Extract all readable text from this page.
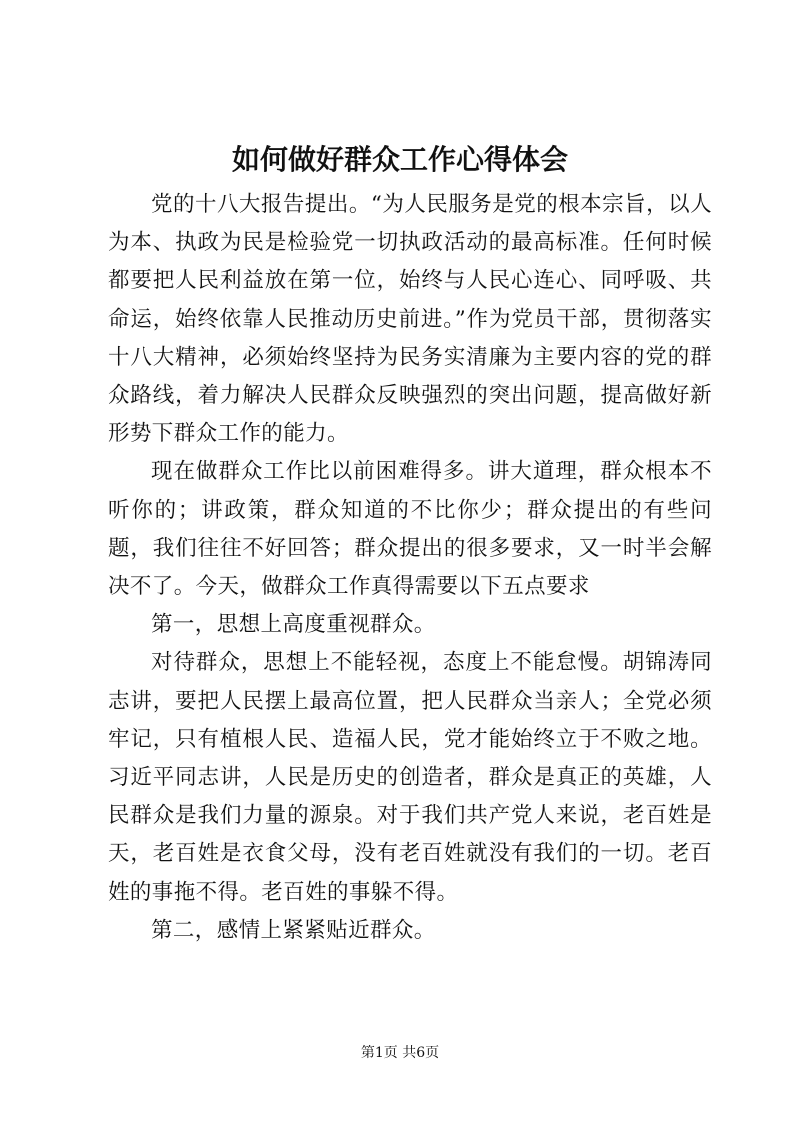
如何做好群众工作心得体会

党的十八大报告提出。“为人民服务是党的根本宗旨，以人为本、执政为民是检验党一切执政活动的最高标准。任何时候都要把人民利益放在第一位，始终与人民心连心、同呼吸、共命运，始终依靠人民推动历史前进。”作为党员干部，贯彻落实十八大精神，必须始终坚持为民务实清廉为主要内容的党的群众路线，着力解决人民群众反映强烈的突出问题，提高做好新形势下群众工作的能力。

现在做群众工作比以前困难得多。讲大道理，群众根本不听你的；讲政策，群众知道的不比你少；群众提出的有些问题，我们往往不好回答；群众提出的很多要求，又一时半会解决不了。今天，做群众工作真得需要以下五点要求

第一，思想上高度重视群众。

对待群众，思想上不能轻视，态度上不能怠慢。胡锦涛同志讲，要把人民摆上最高位置，把人民群众当亲人；全党必须牢记，只有植根人民、造福人民，党才能始终立于不败之地。习近平同志讲，人民是历史的创造者，群众是真正的英雄，人民群众是我们力量的源泉。对于我们共产党人来说，老百姓是天，老百姓是衣食父母，没有老百姓就没有我们的一切。老百姓的事拖不得。老百姓的事躲不得。

第二，感情上紧紧贴近群众。

第1页 共6页
